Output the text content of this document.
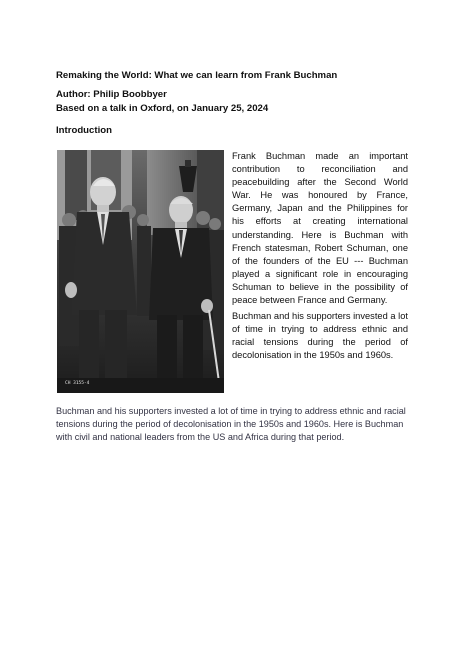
Remaking the World: What we can learn from Frank Buchman
Author: Philip Boobbyer
Based on a talk in Oxford, on January 25, 2024
Introduction
CH 3155-4

Frank Buchman made an important contribution to reconciliation and peacebuilding after the Second World War. He was honoured by France, Germany, Japan and the Philippines for his efforts at creating international understanding. Here is Buchman with French statesman, Robert Schuman, one of the founders of the EU --- Buchman played a significant role in encouraging Schuman to believe in the possibility of peace between France and Germany.

Buchman and his supporters invested a lot of time in trying to address ethnic and racial tensions during the period of decolonisation in the 1950s and 1960s.

Buchman and his supporters invested a lot of time in trying to address ethnic and racial tensions during the period of decolonisation in the 1950s and 1960s. Here is Buchman with civil and national leaders from the US and Africa during that period.
